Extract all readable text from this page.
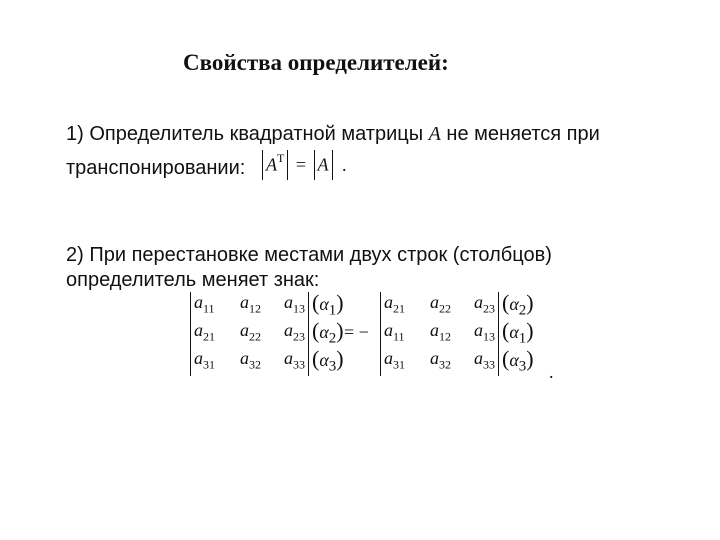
Свойства определителей:
1) Определитель квадратной матрицы A не меняется при
транспонировании:	$A^T = A$ .
2) При перестановке местами двух строк (столбцов)
определитель меняет знак:
$a_{11}$ $a_{12}$ $a_{13}$ $(\alpha_1)$
$a_{21}$ $a_{22}$ $a_{23}$ $(\alpha_2)$
$a_{31}$ $a_{32}$ $a_{33}$ $(\alpha_3)$
= −
$a_{21}$ $a_{22}$ $a_{23}$ $(\alpha_2)$
$a_{11}$ $a_{12}$ $a_{13}$ $(\alpha_1)$
$a_{31}$ $a_{32}$ $a_{33}$ $(\alpha_3)$
.
